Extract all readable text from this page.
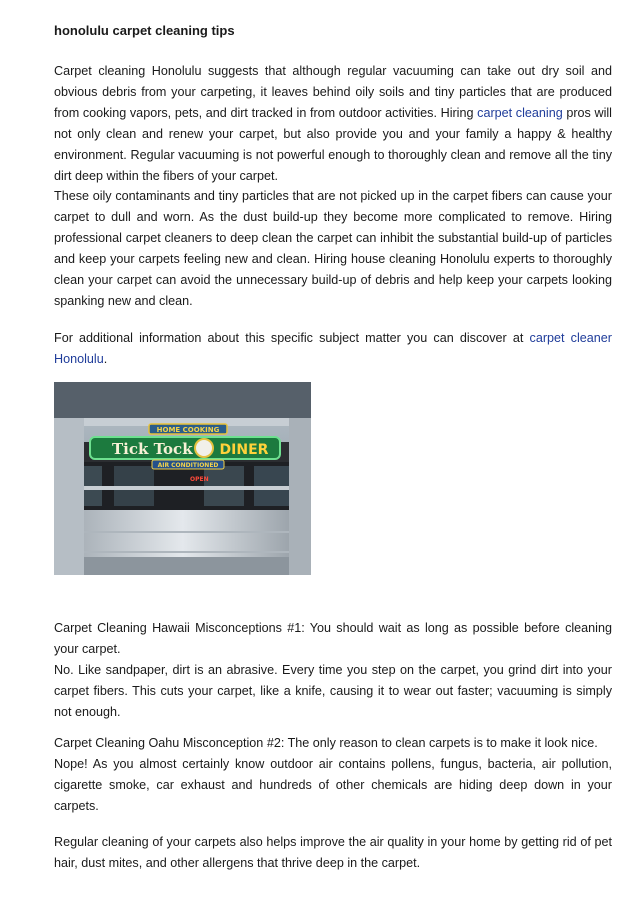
honolulu carpet cleaning tips

Carpet cleaning Honolulu suggests that although regular vacuuming can take out dry soil and obvious debris from your carpeting, it leaves behind oily soils and tiny particles that are produced from cooking vapors, pets, and dirt tracked in from outdoor activities. Hiring carpet cleaning pros will not only clean and renew your carpet, but also provide you and your family a happy & healthy environment. Regular vacuuming is not powerful enough to thoroughly clean and remove all the tiny dirt deep within the fibers of your carpet.

These oily contaminants and tiny particles that are not picked up in the carpet fibers can cause your carpet to dull and worn. As the dust build-up they become more complicated to remove. Hiring professional carpet cleaners to deep clean the carpet can inhibit the substantial build-up of particles and keep your carpets feeling new and clean. Hiring house cleaning Honolulu experts to thoroughly clean your carpet can avoid the unnecessary build-up of debris and help keep your carpets looking spanking new and clean.

For additional information about this specific subject matter you can discover at carpet cleaner Honolulu.

HOME COOKING
Tick Tock DINER
AIR CONDITIONED
OPEN

Carpet Cleaning Hawaii Misconceptions #1: You should wait as long as possible before cleaning your carpet.
No. Like sandpaper, dirt is an abrasive. Every time you step on the carpet, you grind dirt into your carpet fibers. This cuts your carpet, like a knife, causing it to wear out faster; vacuuming is simply not enough.

Carpet Cleaning Oahu Misconception #2: The only reason to clean carpets is to make it look nice.
Nope! As you almost certainly know outdoor air contains pollens, fungus, bacteria, air pollution, cigarette smoke, car exhaust and hundreds of other chemicals are hiding deep down in your carpets.

Regular cleaning of your carpets also helps improve the air quality in your home by getting rid of pet hair, dust mites, and other allergens that thrive deep in the carpet.
